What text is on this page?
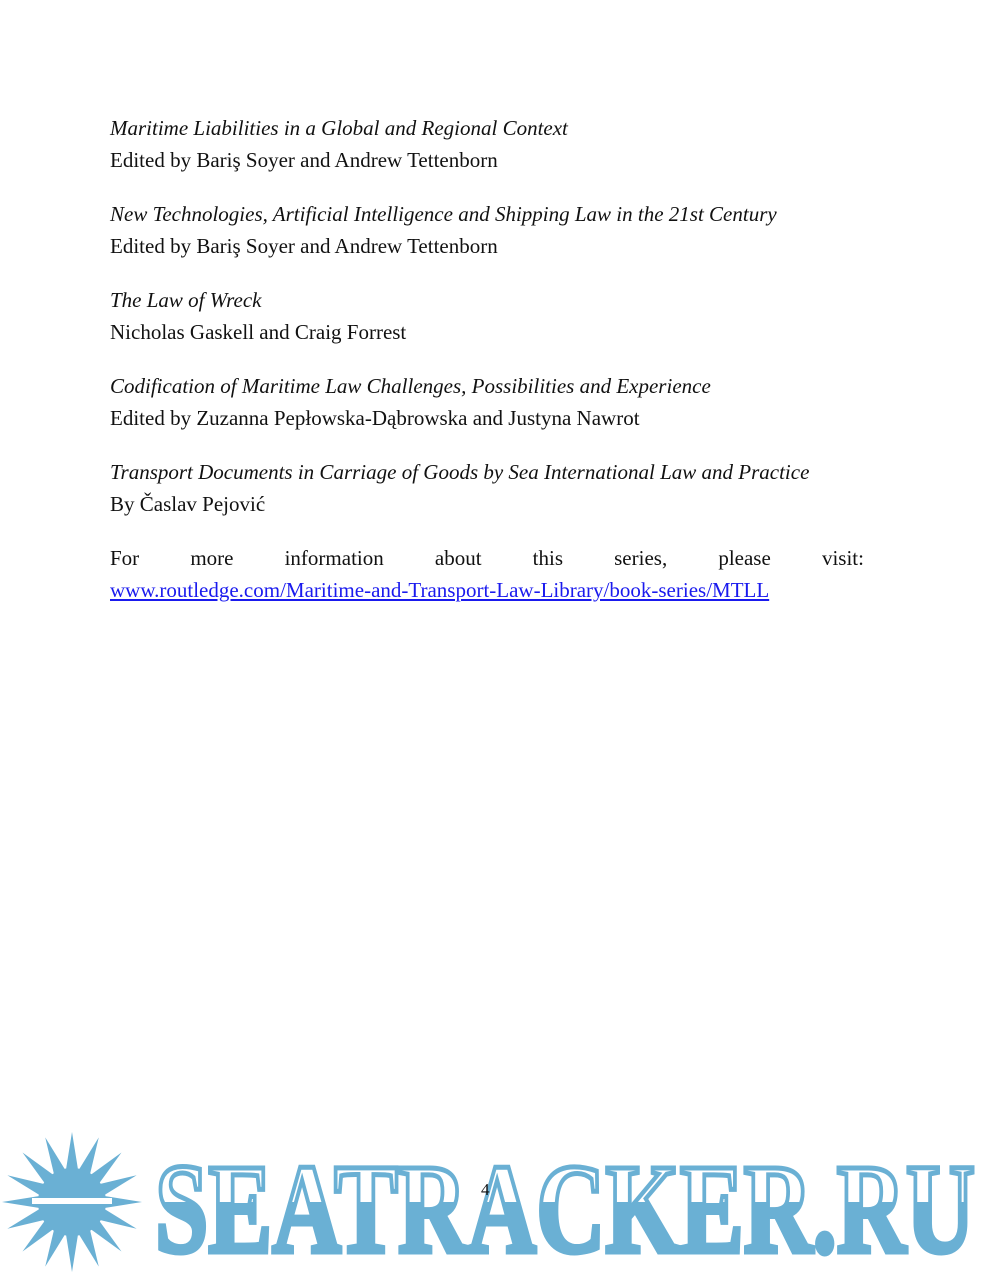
Maritime Liabilities in a Global and Regional Context
Edited by Bariş Soyer and Andrew Tettenborn
New Technologies, Artificial Intelligence and Shipping Law in the 21st Century
Edited by Bariş Soyer and Andrew Tettenborn
The Law of Wreck
Nicholas Gaskell and Craig Forrest
Codification of Maritime Law Challenges, Possibilities and Experience
Edited by Zuzanna Pepłowska-Dąbrowska and Justyna Nawrot
Transport Documents in Carriage of Goods by Sea International Law and Practice
By Časlav Pejović
For more information about this series, please visit:
www.routledge.com/Maritime-and-Transport-Law-Library/book-series/MTLL
SEATRACKER.RU
4
